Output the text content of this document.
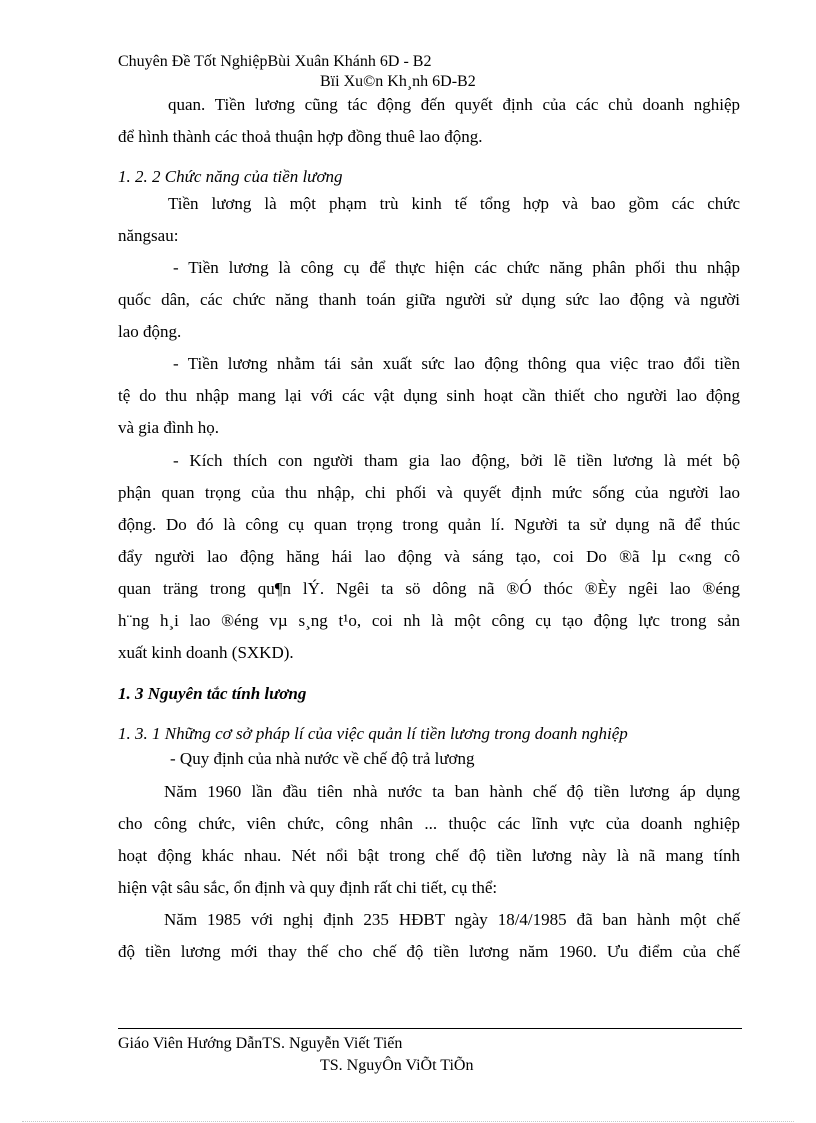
Chuyên Đề Tốt NghiệpBùi Xuân Khánh 6D - B2
Bïi Xu©n Kh¸nh 6D-B2
quan. Tiền lương cũng tác động đến quyết định của các chủ doanh nghiệp
để hình thành các thoả thuận hợp đồng thuê lao động.
1. 2. 2 Chức năng của tiền lương
Tiền lương là một phạm trù kinh tế tổng hợp và bao gồm các chức
năngsau:
- Tiền lương là công cụ để thực hiện các chức năng phân phối thu nhập
quốc dân, các chức năng thanh toán giữa người sử dụng sức lao động và người
lao động.
- Tiền lương nhằm tái sản xuất sức lao động thông qua việc trao đổi tiền
tệ do thu nhập mang lại với các vật dụng sinh hoạt cần thiết cho người lao động
và gia đình họ.
- Kích thích con người tham gia lao động, bởi lẽ tiền lương là mét bộ
phận quan trọng của thu nhập, chi phối và quyết định mức sống của người lao
động. Do đó là công cụ quan trọng trong quản lí. Người ta sử dụng nã để thúc
đẩy người lao động hăng hái lao động và sáng tạo, coi Do ®ã lµ c«ng cô
quan träng trong qu¶n lÝ. Ngêi ta sö dông nã ®Ó thóc ®Èy ngêi lao ®éng
h¨ng h¸i lao ®éng vµ s¸ng t¹o, coi nh là một công cụ tạo động lực trong sản
xuất kinh doanh (SXKD).
1. 3 Nguyên tắc tính lương
1. 3. 1 Những cơ sở pháp lí của việc quản lí tiền lương trong doanh nghiệp
- Quy định của nhà nước về chế độ trả lương
Năm 1960 lần đầu tiên nhà nước ta ban hành chế độ tiền lương áp dụng
cho công chức, viên chức, công nhân ... thuộc các lĩnh vực của doanh nghiệp
hoạt động khác nhau. Nét nổi bật trong chế độ tiền lương này là nã mang tính
hiện vật sâu sắc, ổn định và quy định rất chi tiết, cụ thể:
Năm 1985 với nghị định 235 HĐBT ngày 18/4/1985 đã ban hành một chế
độ tiền lương mới thay thế cho chế độ tiền lương năm 1960. Ưu điểm của chế
Giáo Viên Hướng DẫnTS. Nguyễn Viết Tiến
TS. NguyÔn ViÕt TiÕn
